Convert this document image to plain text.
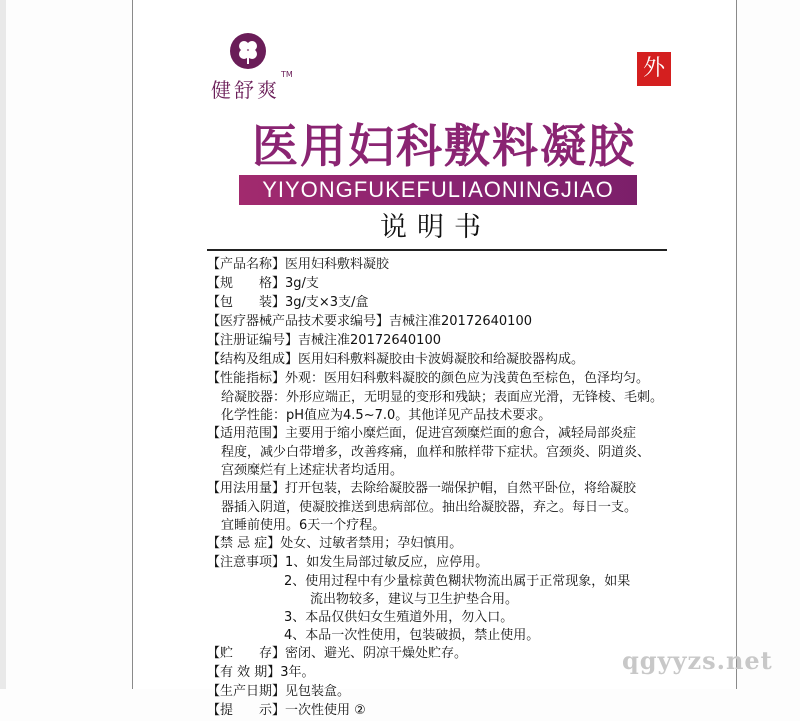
健舒爽
TM	外
医用妇科敷料凝胶
YIYONGFUKEFULIAONINGJIAO
说明书
【产品名称】 医用妇科敷料凝胶
【规　　格】 3g/支
【包　　装】 3g/支×3支/盒
【医疗器械产品技术要求编号】 吉械注准20172640100
【注册证编号】 吉械注准20172640100
【结构及组成】 医用妇科敷料凝胶由卡波姆凝胶和给凝胶器构成。
【性能指标】 外观：医用妇科敷料凝胶的颜色应为浅黄色至棕色，色泽均匀。
给凝胶器：外形应端正，无明显的变形和残缺；表面应光滑，无锋棱、毛刺。
化学性能：pH值应为4.5~7.0。其他详见产品技术要求。
【适用范围】 主要用于缩小糜烂面，促进宫颈糜烂面的愈合，减轻局部炎症
程度，减少白带增多，改善疼痛，血样和脓样带下症状。宫颈炎、阴道炎、
宫颈糜烂有上述症状者均适用。
【用法用量】 打开包装，去除给凝胶器一端保护帽，自然平卧位，将给凝胶
器插入阴道，使凝胶推送到患病部位。抽出给凝胶器，弃之。每日一支。
宜睡前使用。6天一个疗程。
【禁 忌 症】 处女、过敏者禁用；孕妇慎用。
【注意事项】 1、如发生局部过敏反应，应停用。
2、使用过程中有少量棕黄色糊状物流出属于正常现象，如果
　　流出物较多，建议与卫生护垫合用。
3、本品仅供妇女生殖道外用，勿入口。
4、本品一次性使用，包装破损，禁止使用。
【贮　　存】 密闭、避光、阴凉干燥处贮存。
【有 效 期】 3年。
【生产日期】 见包装盒。
【提　　示】 一次性使用 ②
qgyyzs.net
